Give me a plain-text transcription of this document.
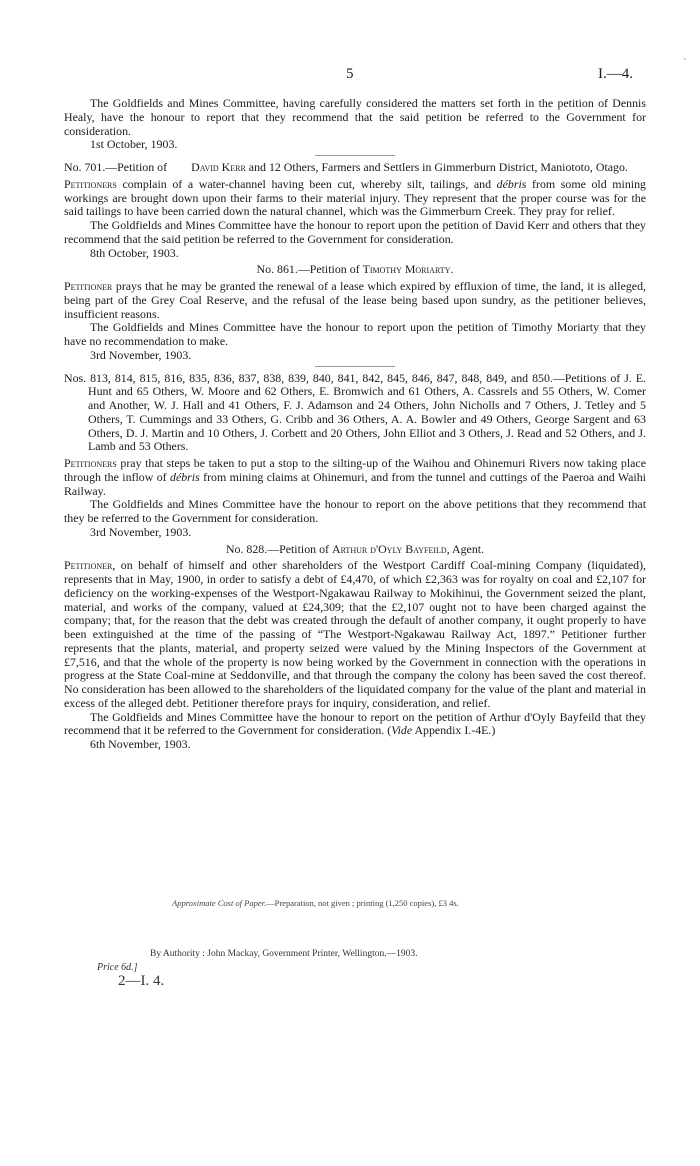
5	I.—4.
`

The Goldfields and Mines Committee, having carefully considered the matters set forth in the petition of Dennis Healy, have the honour to report that they recommend that the said petition be referred to the Government for consideration.

1st October, 1903.

No. 701.—Petition of	David Kerr and 12 Others, Farmers and Settlers in Gimmerburn District, Maniototo, Otago.

Petitioners complain of a water-channel having been cut, whereby silt, tailings, and débris from some old mining workings are brought down upon their farms to their material injury. They represent that the proper course was for the said tailings to have been carried down the natural channel, which was the Gimmerburn Creek. They pray for relief.

The Goldfields and Mines Committee have the honour to report upon the petition of David Kerr and others that they recommend that the said petition be referred to the Government for consideration.

8th October, 1903.

No. 861.—Petition of Timothy Moriarty.

Petitioner prays that he may be granted the renewal of a lease which expired by effluxion of time, the land, it is alleged, being part of the Grey Coal Reserve, and the refusal of the lease being based upon sundry, as the petitioner believes, insufficient reasons.

The Goldfields and Mines Committee have the honour to report upon the petition of Timothy Moriarty that they have no recommendation to make.

3rd November, 1903.

Nos. 813, 814, 815, 816, 835, 836, 837, 838, 839, 840, 841, 842, 845, 846, 847, 848, 849, and 850.—Petitions of J. E. Hunt and 65 Others, W. Moore and 62 Others, E. Bromwich and 61 Others, A. Cassrels and 55 Others, W. Comer and Another, W. J. Hall and 41 Others, F. J. Adamson and 24 Others, John Nicholls and 7 Others, J. Tetley and 5 Others, T. Cummings and 33 Others, G. Cribb and 36 Others, A. A. Bowler and 49 Others, George Sargent and 63 Others, D. J. Martin and 10 Others, J. Corbett and 20 Others, John Elliot and 3 Others, J. Read and 52 Others, and J. Lamb and 53 Others.

Petitioners pray that steps be taken to put a stop to the silting-up of the Waihou and Ohinemuri Rivers now taking place through the inflow of débris from mining claims at Ohinemuri, and from the tunnel and cuttings of the Paeroa and Waihi Railway.

The Goldfields and Mines Committee have the honour to report on the above petitions that they recommend that they be referred to the Government for consideration.

3rd November, 1903.

No. 828.—Petition of Arthur d'Oyly Bayfeild, Agent.

Petitioner, on behalf of himself and other shareholders of the Westport Cardiff Coal-mining Company (liquidated), represents that in May, 1900, in order to satisfy a debt of £4,470, of which £2,363 was for royalty on coal and £2,107 for deficiency on the working-expenses of the Westport-Ngakawau Railway to Mokihinui, the Government seized the plant, material, and works of the company, valued at £24,309; that the £2,107 ought not to have been charged against the company; that, for the reason that the debt was created through the default of another company, it ought properly to have been extinguished at the time of the passing of “The Westport-Ngakawau Railway Act, 1897.” Petitioner further represents that the plants, material, and property seized were valued by the Mining Inspectors of the Government at £7,516, and that the whole of the property is now being worked by the Government in connection with the operations in progress at the State Coal-mine at Seddonville, and that through the company the colony has been saved the cost thereof. No consideration has been allowed to the shareholders of the liquidated company for the value of the plant and material in excess of the alleged debt. Petitioner therefore prays for inquiry, consideration, and relief.

The Goldfields and Mines Committee have the honour to report on the petition of Arthur d'Oyly Bayfeild that they recommend that it be referred to the Government for consideration. (Vide Appendix I.-4E.)

6th November, 1903.

Approximate Cost of Paper.—Preparation, not given ; printing (1,250 copies), £3 4s.
By Authority : John Mackay, Government Printer, Wellington.—1903.
Price 6d.]
2—I. 4.
